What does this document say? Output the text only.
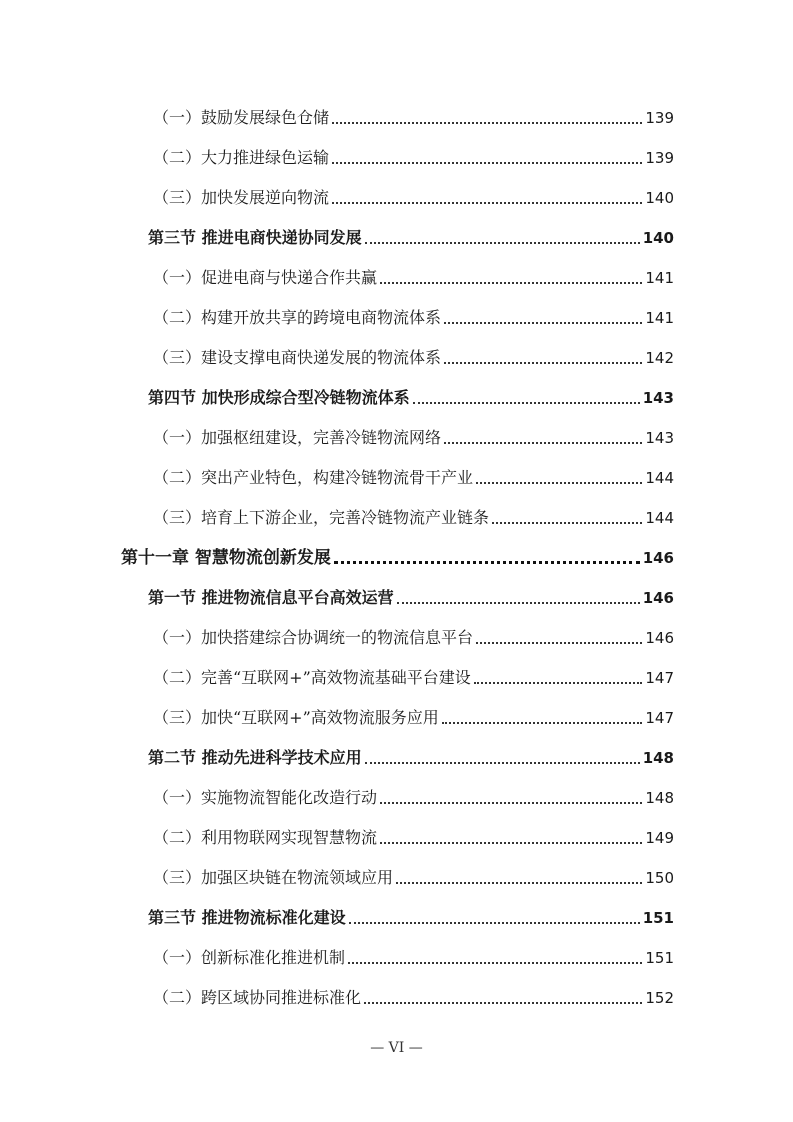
（一）鼓励发展绿色仓储	139
（二）大力推进绿色运输	139
（三）加快发展逆向物流	140
第三节 推进电商快递协同发展	140
（一）促进电商与快递合作共赢	141
（二）构建开放共享的跨境电商物流体系	141
（三）建设支撑电商快递发展的物流体系	142
第四节 加快形成综合型冷链物流体系	143
（一）加强枢纽建设，完善冷链物流网络	143
（二）突出产业特色，构建冷链物流骨干产业	144
（三）培育上下游企业，完善冷链物流产业链条	144
第十一章 智慧物流创新发展	146
第一节 推进物流信息平台高效运营	146
（一）加快搭建综合协调统一的物流信息平台	146
（二）完善“互联网+”高效物流基础平台建设	147
（三）加快“互联网+”高效物流服务应用	147
第二节 推动先进科学技术应用	148
（一）实施物流智能化改造行动	148
（二）利用物联网实现智慧物流	149
（三）加强区块链在物流领域应用	150
第三节 推进物流标准化建设	151
（一）创新标准化推进机制	151
（二）跨区域协同推进标准化	152
— VI —
